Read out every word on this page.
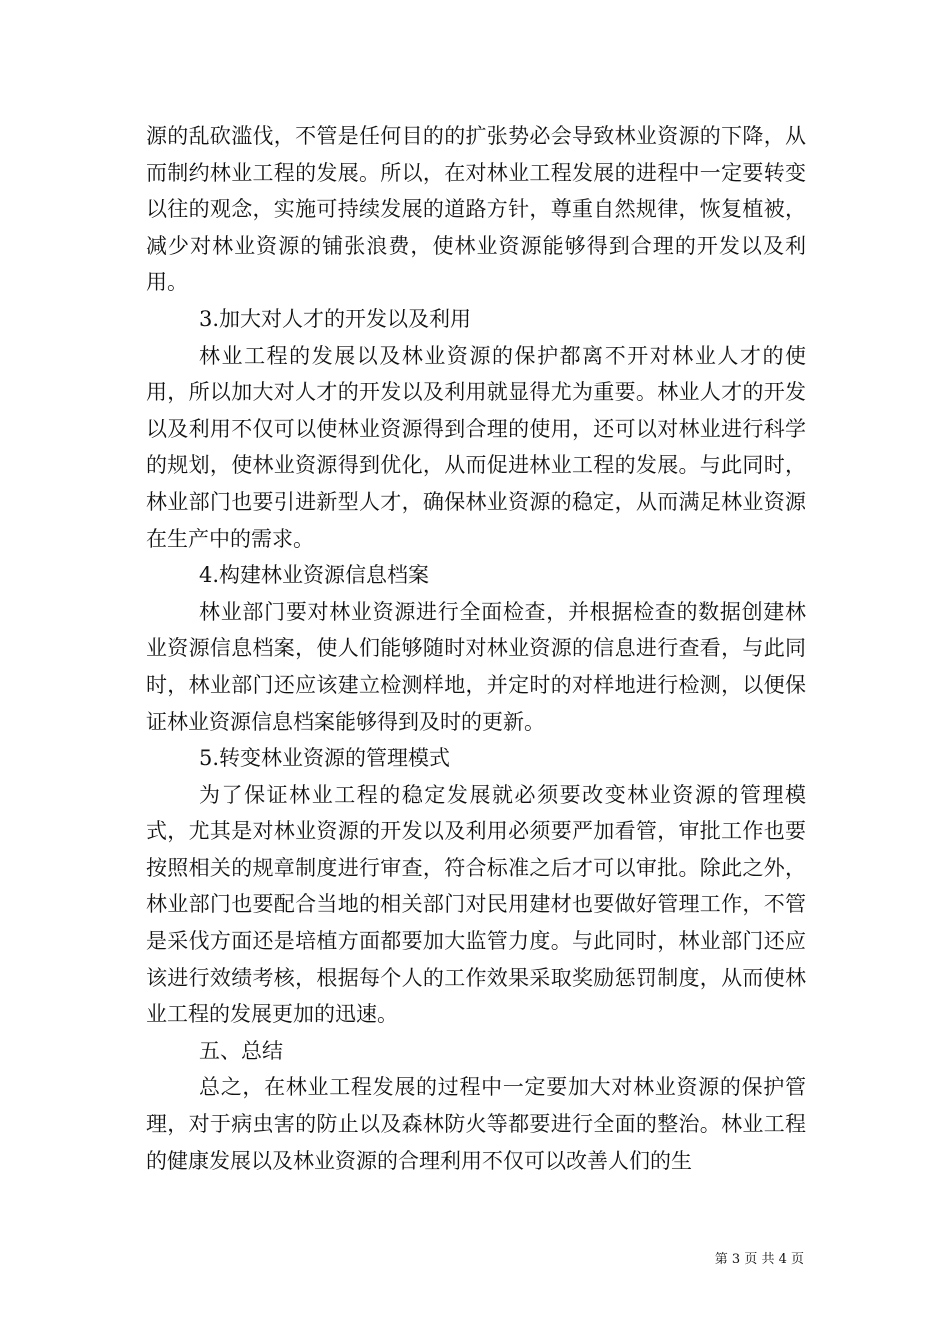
源的乱砍滥伐，不管是任何目的的扩张势必会导致林业资源的下降，从而制约林业工程的发展。所以，在对林业工程发展的进程中一定要转变以往的观念，实施可持续发展的道路方针，尊重自然规律，恢复植被，减少对林业资源的铺张浪费，使林业资源能够得到合理的开发以及利用。

3.加大对人才的开发以及利用

林业工程的发展以及林业资源的保护都离不开对林业人才的使用，所以加大对人才的开发以及利用就显得尤为重要。林业人才的开发以及利用不仅可以使林业资源得到合理的使用，还可以对林业进行科学的规划，使林业资源得到优化，从而促进林业工程的发展。与此同时，林业部门也要引进新型人才，确保林业资源的稳定，从而满足林业资源在生产中的需求。

4.构建林业资源信息档案

林业部门要对林业资源进行全面检查，并根据检查的数据创建林业资源信息档案，使人们能够随时对林业资源的信息进行查看，与此同时，林业部门还应该建立检测样地，并定时的对样地进行检测，以便保证林业资源信息档案能够得到及时的更新。

5.转变林业资源的管理模式

为了保证林业工程的稳定发展就必须要改变林业资源的管理模式，尤其是对林业资源的开发以及利用必须要严加看管，审批工作也要按照相关的规章制度进行审查，符合标准之后才可以审批。除此之外，林业部门也要配合当地的相关部门对民用建材也要做好管理工作，不管是采伐方面还是培植方面都要加大监管力度。与此同时，林业部门还应该进行效绩考核，根据每个人的工作效果采取奖励惩罚制度，从而使林业工程的发展更加的迅速。

五、总结

总之，在林业工程发展的过程中一定要加大对林业资源的保护管理，对于病虫害的防止以及森林防火等都要进行全面的整治。林业工程的健康发展以及林业资源的合理利用不仅可以改善人们的生

第 3 页 共 4 页
